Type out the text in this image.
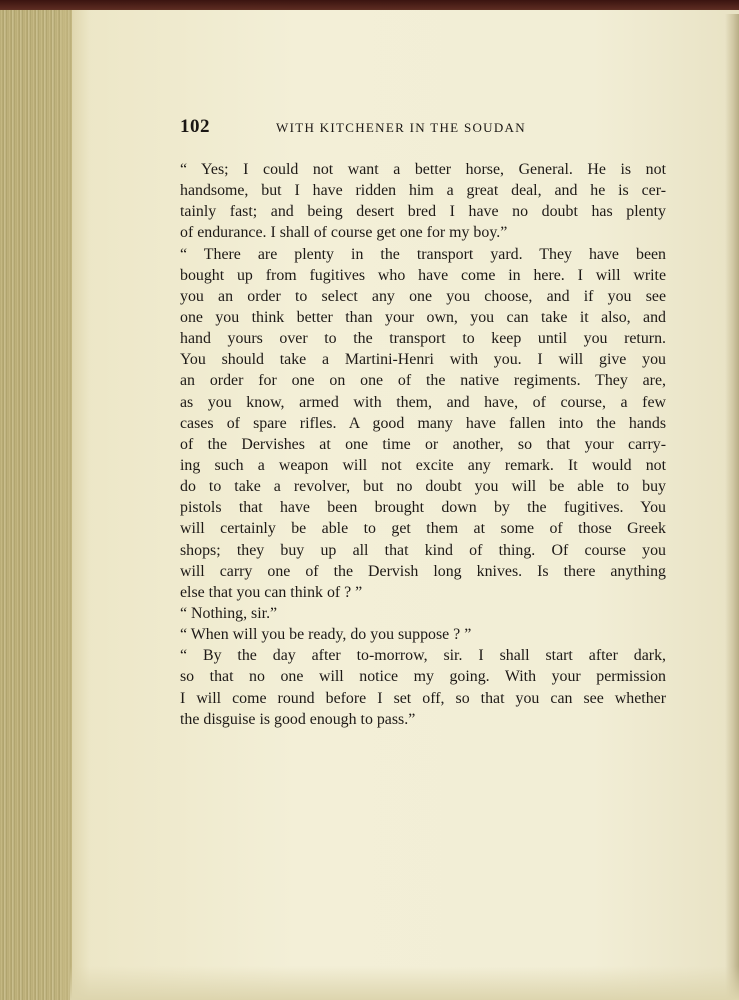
102	WITH KITCHENER IN THE SOUDAN
“ Yes; I could not want a better horse, General. He is not
handsome, but I have ridden him a great deal, and he is cer-
tainly fast; and being desert bred I have no doubt has plenty
of endurance. I shall of course get one for my boy.”
“ There are plenty in the transport yard. They have been
bought up from fugitives who have come in here. I will write
you an order to select any one you choose, and if you see
one you think better than your own, you can take it also, and
hand yours over to the transport to keep until you return.
You should take a Martini-Henri with you. I will give you
an order for one on one of the native regiments. They are,
as you know, armed with them, and have, of course, a few
cases of spare rifles. A good many have fallen into the hands
of the Dervishes at one time or another, so that your carry-
ing such a weapon will not excite any remark. It would not
do to take a revolver, but no doubt you will be able to buy
pistols that have been brought down by the fugitives. You
will certainly be able to get them at some of those Greek
shops; they buy up all that kind of thing. Of course you
will carry one of the Dervish long knives. Is there anything
else that you can think of ? ”
“ Nothing, sir.”
“ When will you be ready, do you suppose ? ”
“ By the day after to-morrow, sir. I shall start after dark,
so that no one will notice my going. With your permission
I will come round before I set off, so that you can see whether
the disguise is good enough to pass.”
